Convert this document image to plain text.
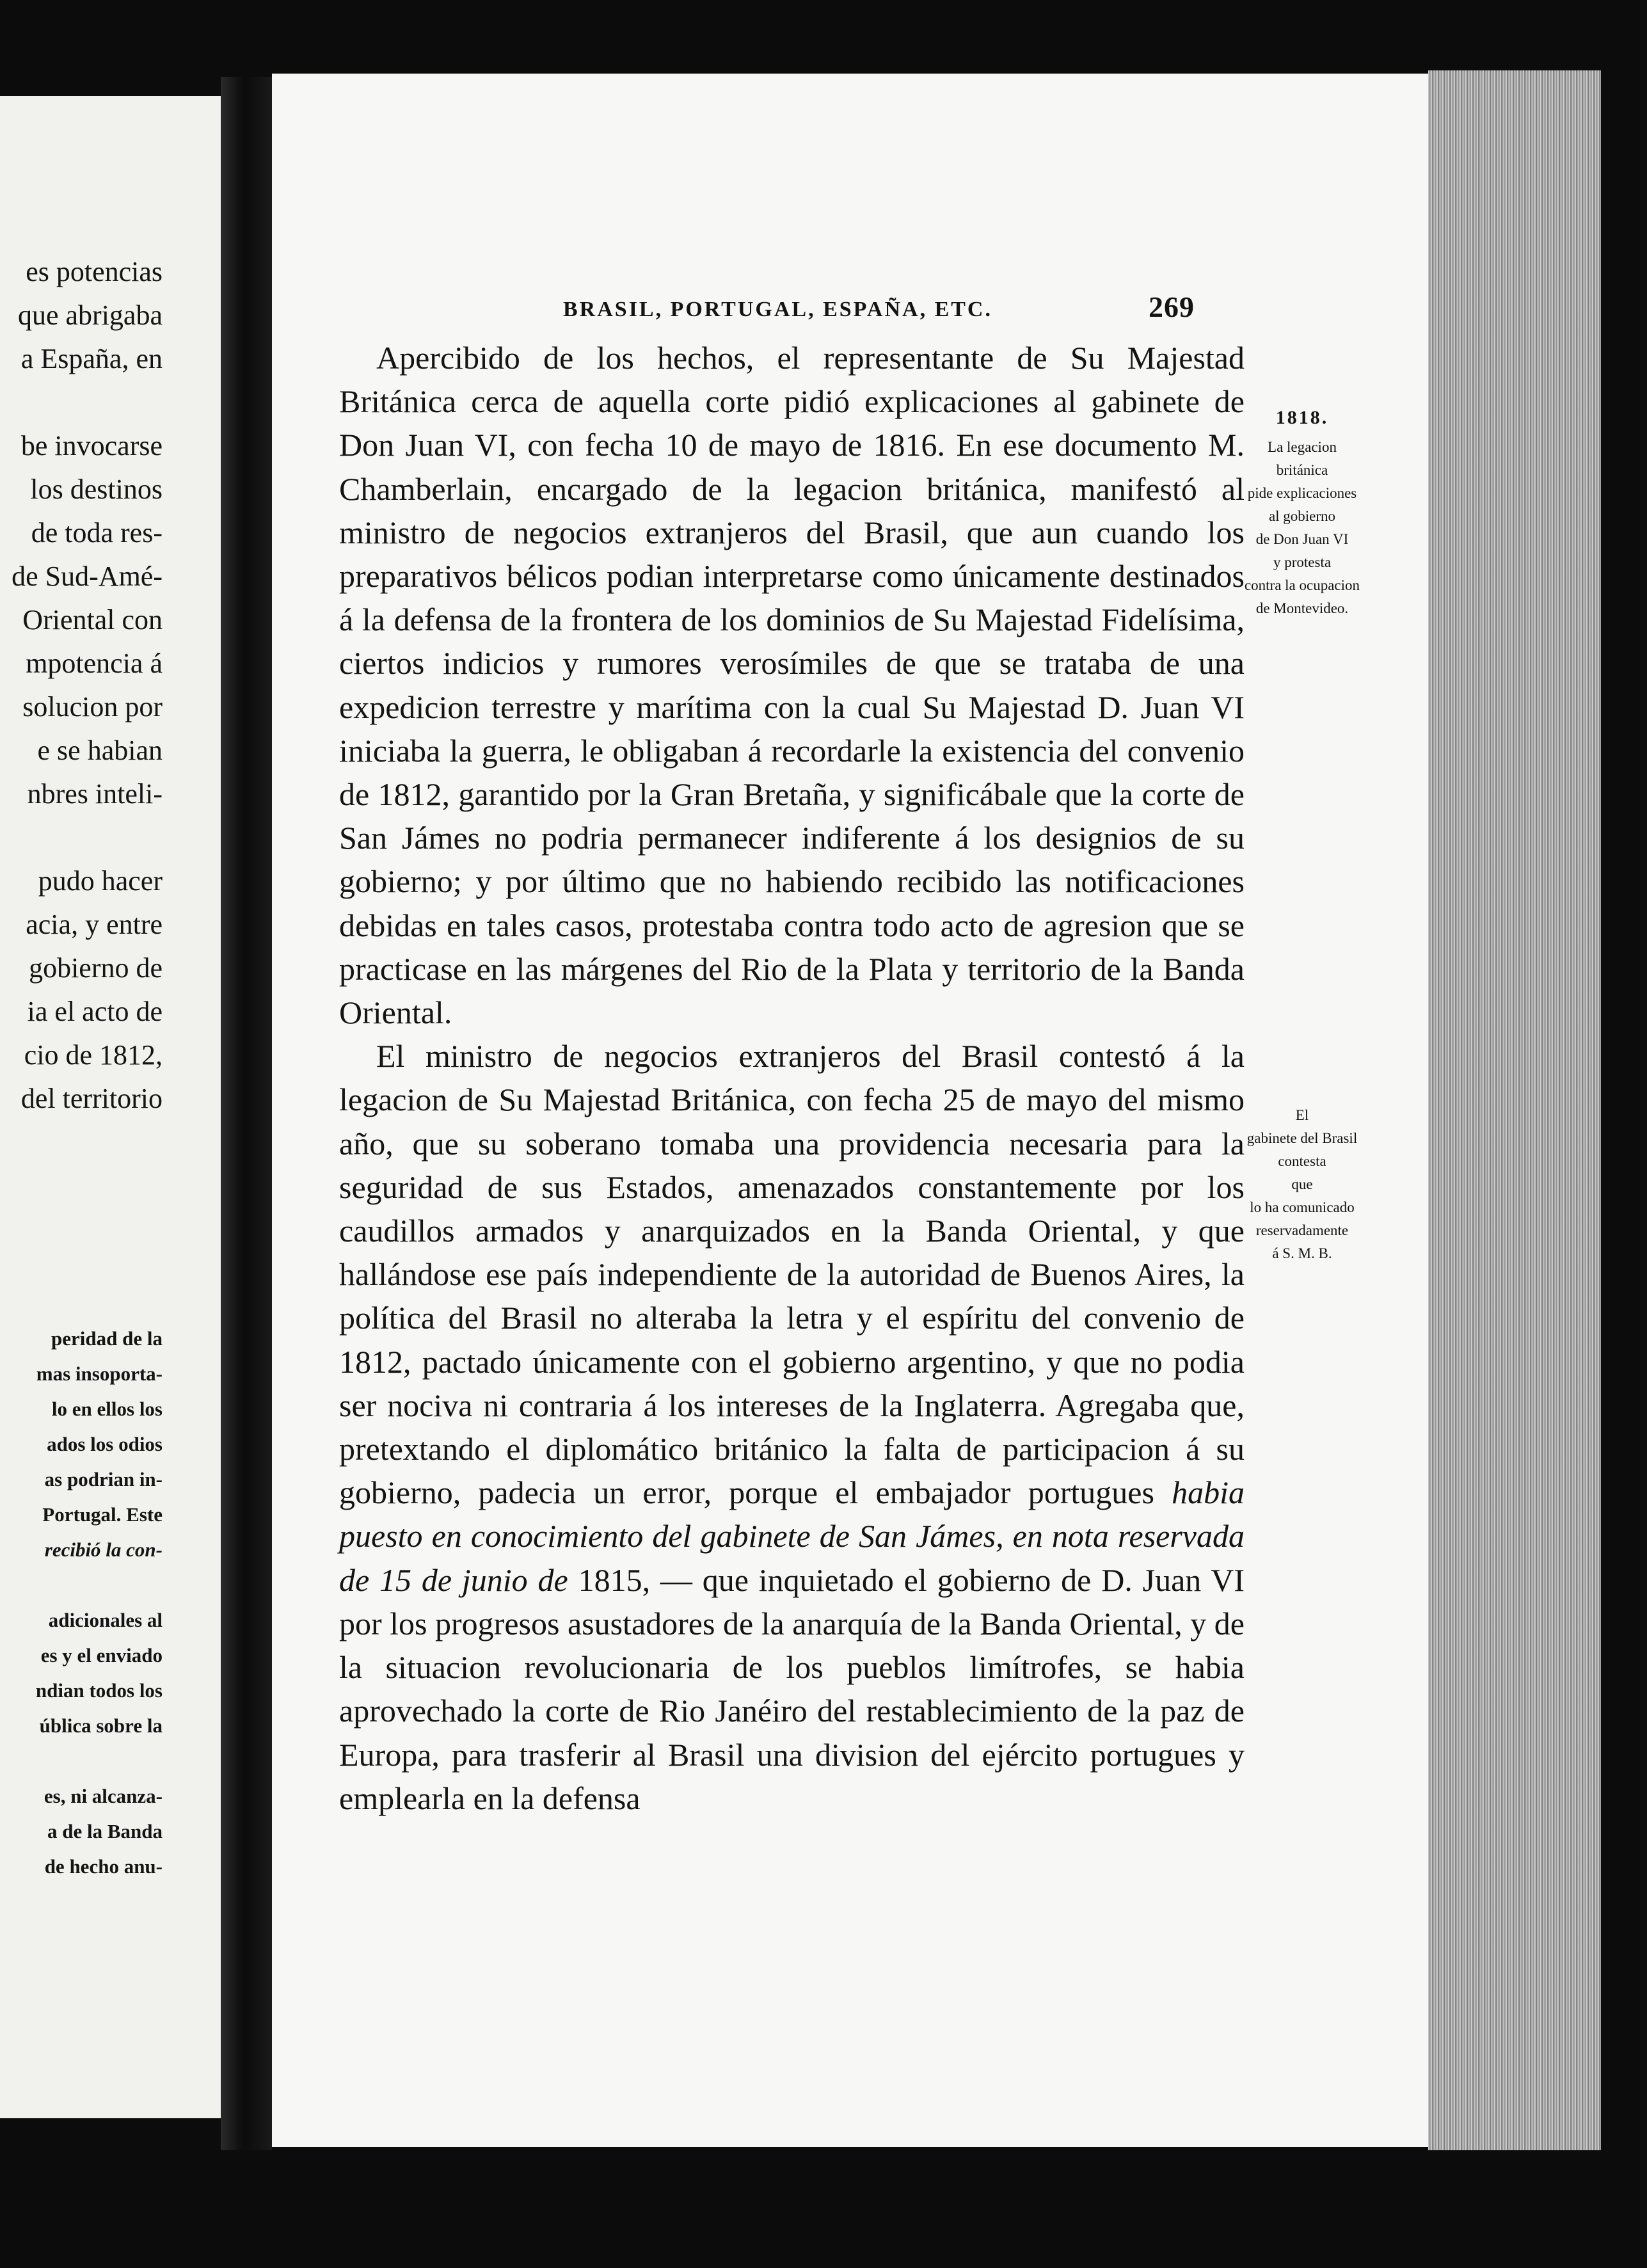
es potencias
que abrigaba
a España, en
be invocarse
los destinos
de toda res-
de Sud-Amé-
Oriental con
mpotencia á
solucion por
e se habian
nbres inteli-
pudo hacer
acia, y entre
gobierno de
ia el acto de
cio de 1812,
del territorio
peridad de la
mas insoporta-
lo en ellos los
ados los odios
as podrian in-
Portugal. Este
recibió la con-
adicionales al
es y el enviado
ndian todos los
ública sobre la
es, ni alcanza-
a de la Banda
de hecho anu-
BRASIL, PORTUGAL, ESPAÑA, ETC.	269

Apercibido de los hechos, el representante de Su Majestad Británica cerca de aquella corte pidió explicaciones al gabinete de Don Juan VI, con fecha 10 de mayo de 1816. En ese documento M. Chamberlain, encargado de la legacion británica, manifestó al ministro de negocios extranjeros del Brasil, que aun cuando los preparativos bélicos podian interpretarse como únicamente destinados á la defensa de la frontera de los dominios de Su Majestad Fidelísima, ciertos indicios y rumores verosímiles de que se trataba de una expedicion terrestre y marítima con la cual Su Majestad D. Juan VI iniciaba la guerra, le obligaban á recordarle la existencia del convenio de 1812, garantido por la Gran Bretaña, y significábale que la corte de San Jámes no podria permanecer indiferente á los designios de su gobierno; y por último que no habiendo recibido las notificaciones debidas en tales casos, protestaba contra todo acto de agresion que se practicase en las márgenes del Rio de la Plata y territorio de la Banda Oriental.

El ministro de negocios extranjeros del Brasil contestó á la legacion de Su Majestad Británica, con fecha 25 de mayo del mismo año, que su soberano tomaba una providencia necesaria para la seguridad de sus Estados, amenazados constantemente por los caudillos armados y anarquizados en la Banda Oriental, y que hallándose ese país independiente de la autoridad de Buenos Aires, la política del Brasil no alteraba la letra y el espíritu del convenio de 1812, pactado únicamente con el gobierno argentino, y que no podia ser nociva ni contraria á los intereses de la Inglaterra. Agregaba que, pretextando el diplomático británico la falta de participacion á su gobierno, padecia un error, porque el embajador portugues habia puesto en conocimiento del gabinete de San Jámes, en nota reservada de 15 de junio de 1815, — que inquietado el gobierno de D. Juan VI por los progresos asustadores de la anarquía de la Banda Oriental, y de la situacion revolucionaria de los pueblos limítrofes, se habia aprovechado la corte de Rio Janéiro del restablecimiento de la paz de Europa, para trasferir al Brasil una division del ejército portugues y emplearla en la defensa

1818.
La legacion
británica
pide explicaciones
al gobierno
de Don Juan VI
y protesta
contra la ocupacion
de Montevideo.
El
gabinete del Brasil
contesta
que
lo ha comunicado
reservadamente
á S. M. B.
